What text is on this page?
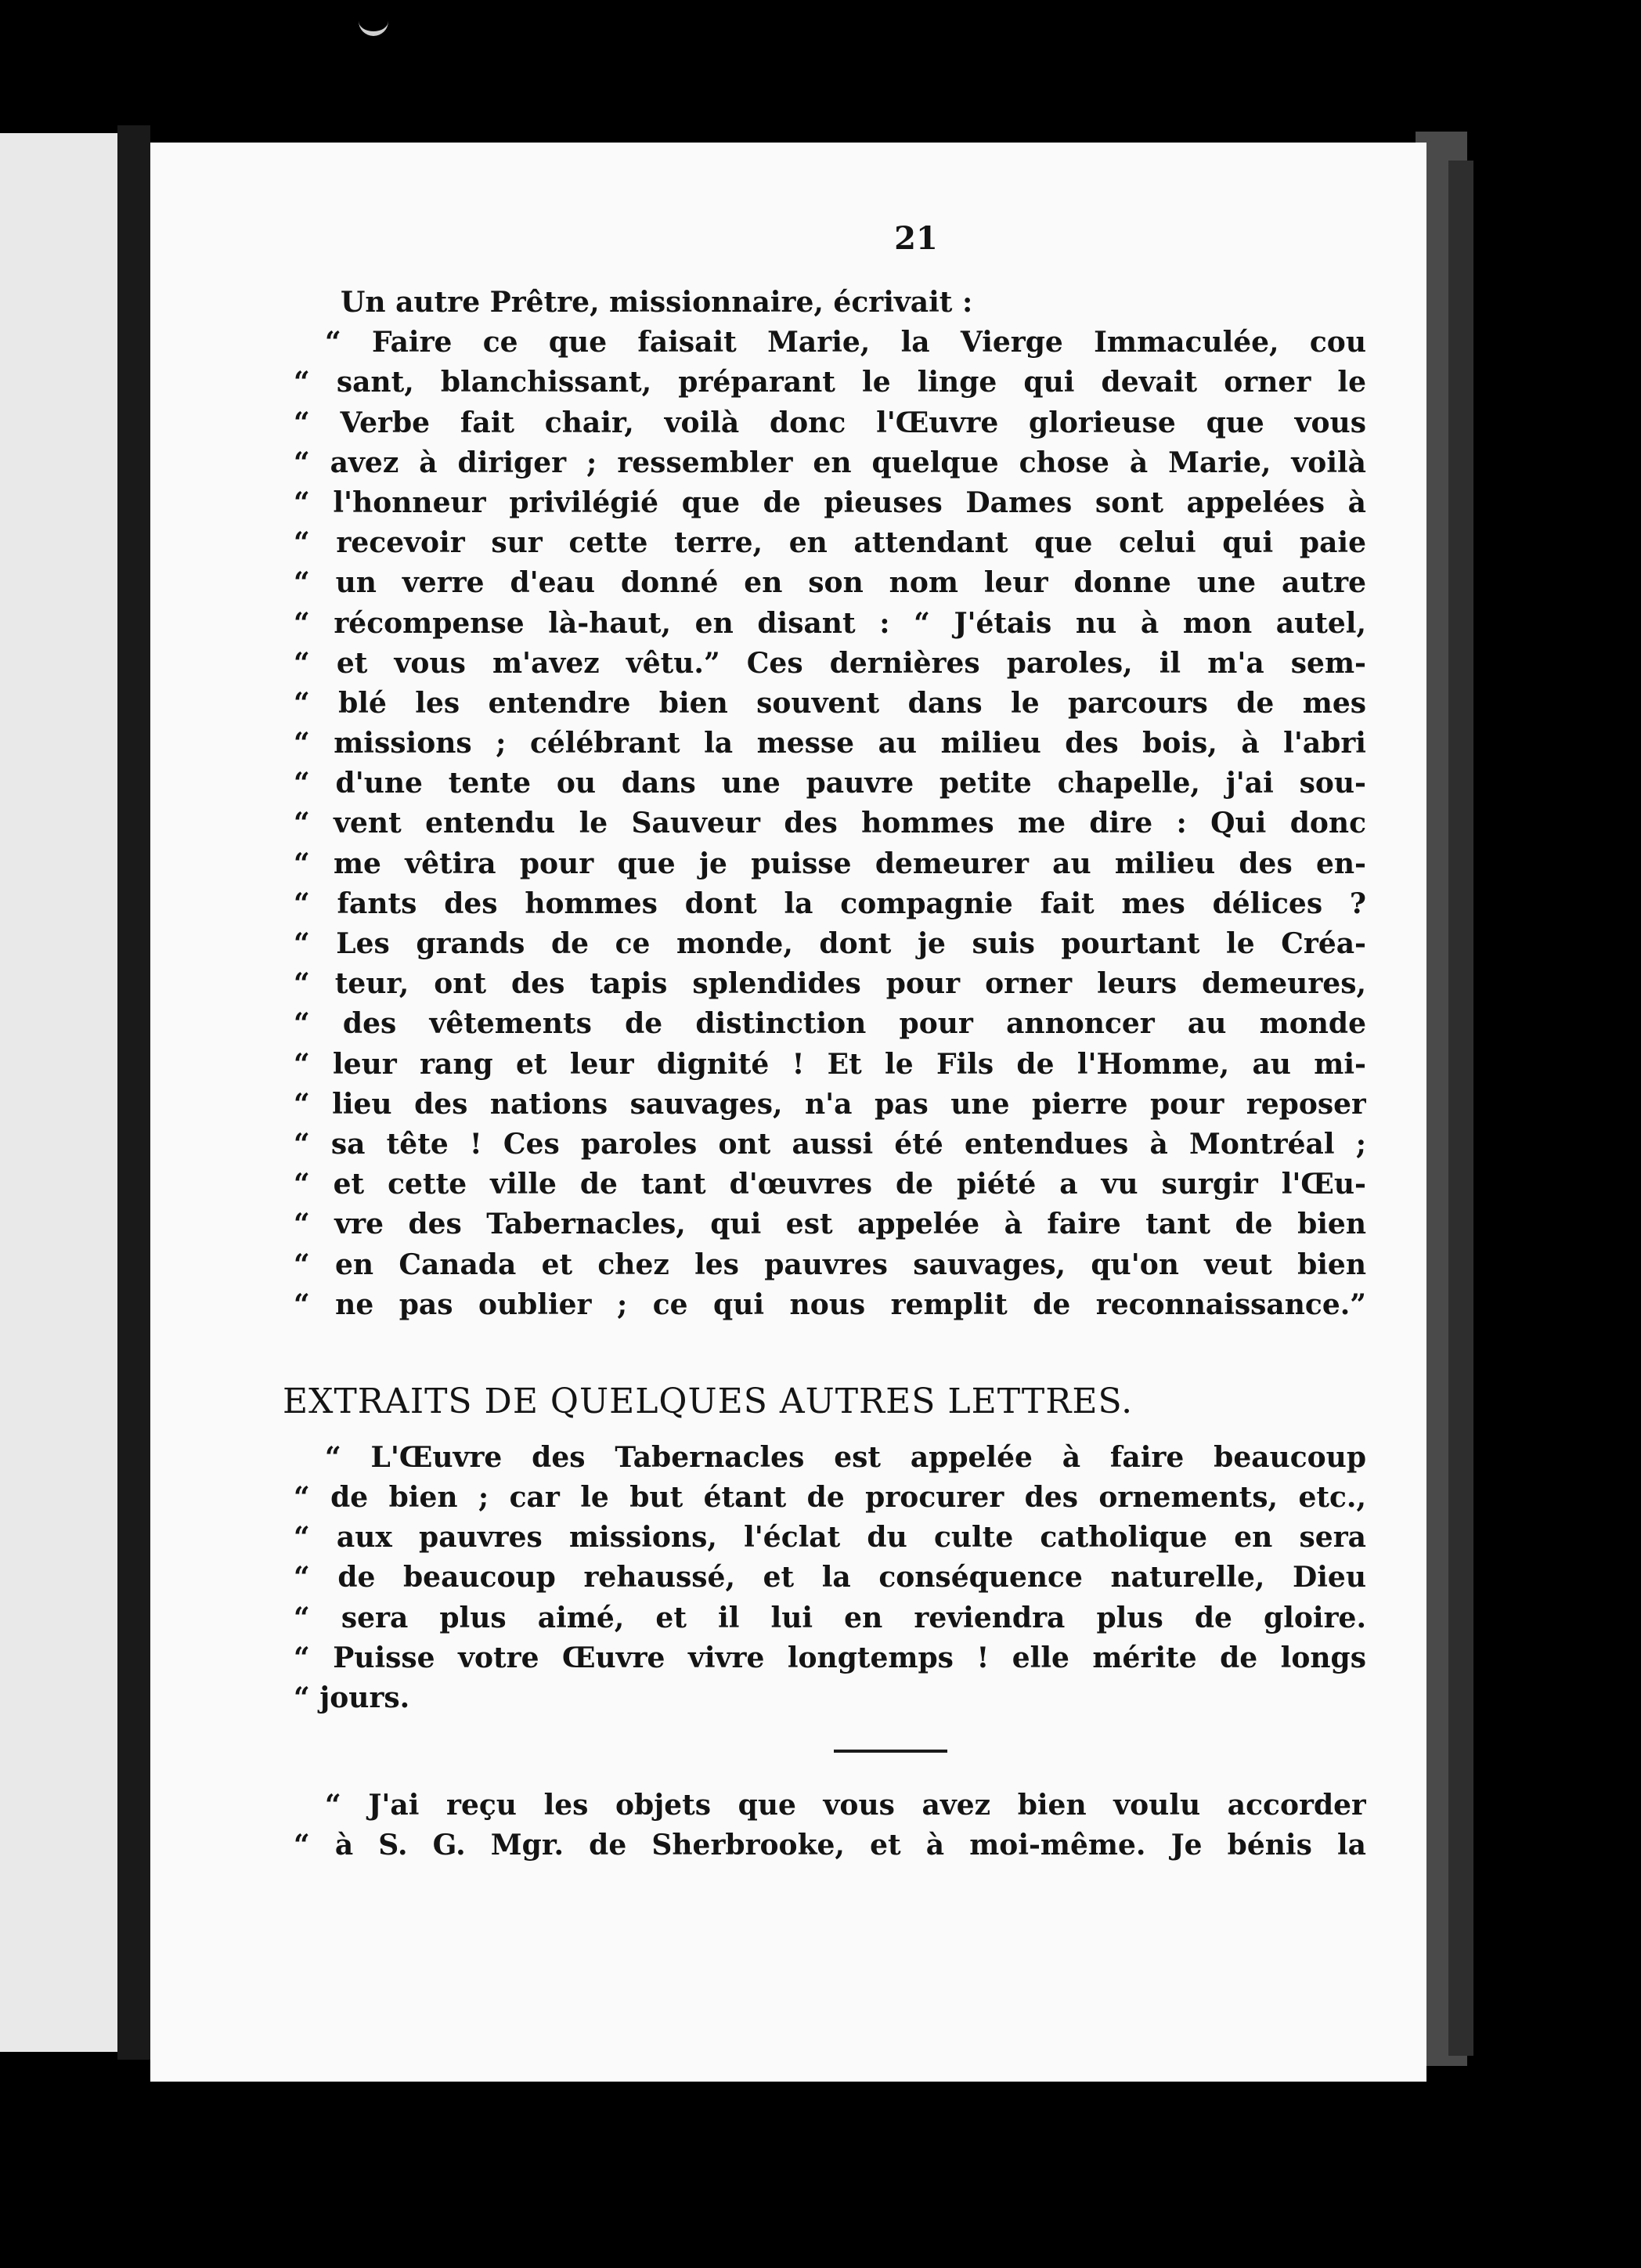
21
Un autre Prêtre, missionnaire, écrivait :
“ Faire ce que faisait Marie, la Vierge Immaculée, cou
“ sant, blanchissant, préparant le linge qui devait orner le
“ Verbe fait chair, voilà donc l'Œuvre glorieuse que vous
“ avez à diriger ; ressembler en quelque chose à Marie, voilà
“ l'honneur privilégié que de pieuses Dames sont appelées à
“ recevoir sur cette terre, en attendant que celui qui paie
“ un verre d'eau donné en son nom leur donne une autre
“ récompense là-haut, en disant : “ J'étais nu à mon autel,
“ et vous m'avez vêtu.” Ces dernières paroles, il m'a sem-
“ blé les entendre bien souvent dans le parcours de mes
“ missions ; célébrant la messe au milieu des bois, à l'abri
“ d'une tente ou dans une pauvre petite chapelle, j'ai sou-
“ vent entendu le Sauveur des hommes me dire : Qui donc
“ me vêtira pour que je puisse demeurer au milieu des en-
“ fants des hommes dont la compagnie fait mes délices ?
“ Les grands de ce monde, dont je suis pourtant le Créa-
“ teur, ont des tapis splendides pour orner leurs demeures,
“ des vêtements de distinction pour annoncer au monde
“ leur rang et leur dignité ! Et le Fils de l'Homme, au mi-
“ lieu des nations sauvages, n'a pas une pierre pour reposer
“ sa tête ! Ces paroles ont aussi été entendues à Montréal ;
“ et cette ville de tant d'œuvres de piété a vu surgir l'Œu-
“ vre des Tabernacles, qui est appelée à faire tant de bien
“ en Canada et chez les pauvres sauvages, qu'on veut bien
“ ne pas oublier ; ce qui nous remplit de reconnaissance.”
EXTRAITS DE QUELQUES AUTRES LETTRES.
“ L'Œuvre des Tabernacles est appelée à faire beaucoup
“ de bien ; car le but étant de procurer des ornements, etc.,
“ aux pauvres missions, l'éclat du culte catholique en sera
“ de beaucoup rehaussé, et la conséquence naturelle, Dieu
“ sera plus aimé, et il lui en reviendra plus de gloire.
“ Puisse votre Œuvre vivre longtemps ! elle mérite de longs
“ jours.
“ J'ai reçu les objets que vous avez bien voulu accorder
“ à S. G. Mgr. de Sherbrooke, et à moi-même. Je bénis la
